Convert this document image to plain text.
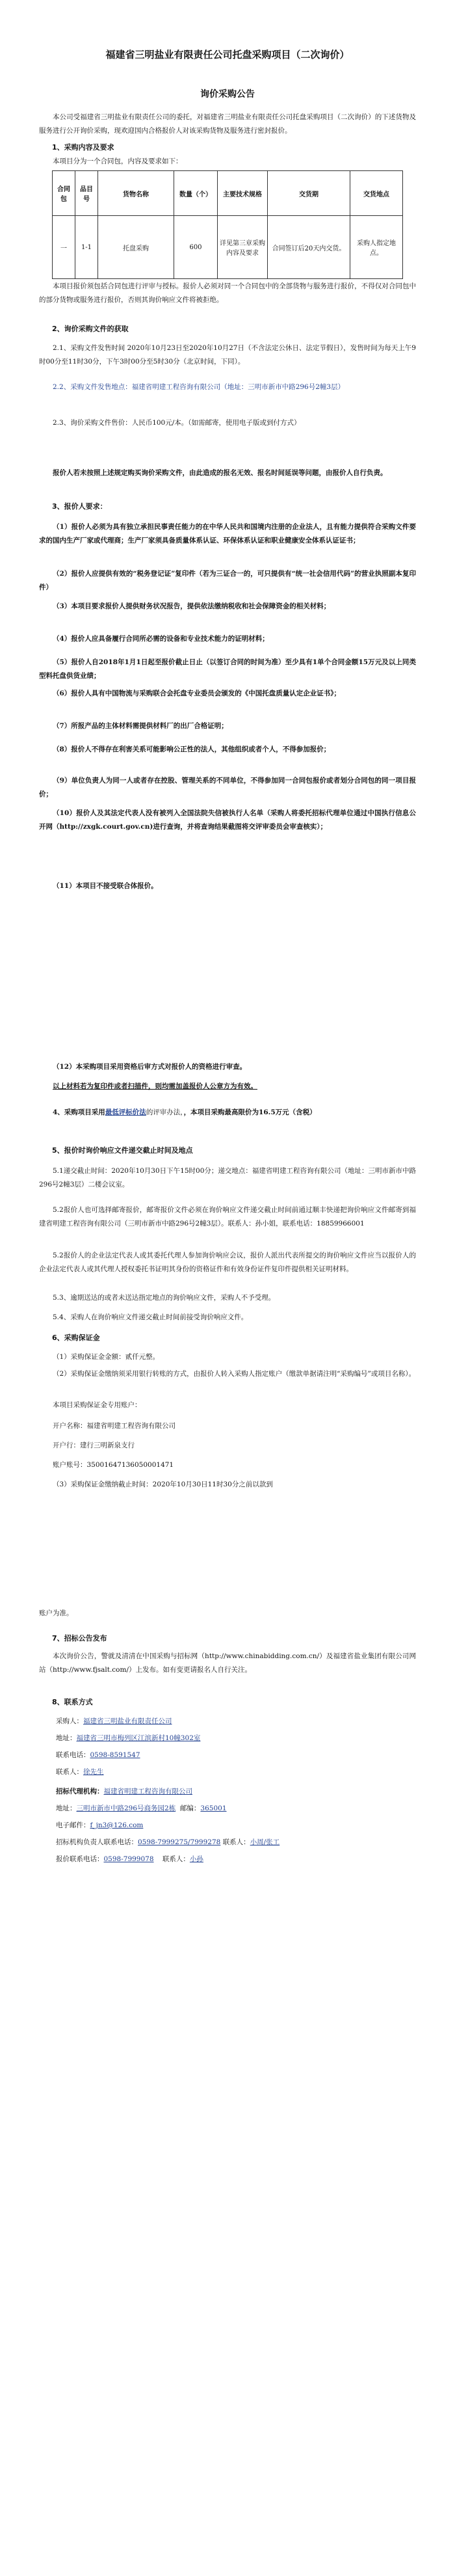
福建省三明盐业有限责任公司托盘采购项目（二次询价）
询价采购公告
本公司受福建省三明盐业有限责任公司的委托，对福建省三明盐业有限责任公司托盘采购项目（二次询价）的下述货物及服务进行公开询价采购，现欢迎国内合格报价人对该采购货物及服务进行密封报价。
1、采购内容及要求
本项目分为一个合同包，内容及要求如下：
合同包	品目号	货物名称	数量（个）	主要技术规格	交货期	交货地点
一	1-1	托盘采购	600	详见第三章采购内容及要求	合同签订后20天内交货。	采购人指定地点。
本项目报价须包括合同包进行评审与授标。报价人必须对同一个合同包中的全部货物与服务进行报价，不得仅对合同包中的部分货物或服务进行报价，否则其询价响应文件将被拒绝。
2、询价采购文件的获取
2.1、采购文件发售时间 2020年10月23日至2020年10月27日（不含法定公休日、法定节假日），发售时间为每天上午9时00分至11时30分，下午3时00分至5时30分（北京时间，下同）。
2.2、采购文件发售地点：福建省明建工程咨询有限公司（地址：三明市新市中路296号2幢3层）
2.3、询价采购文件售价：人民币100元/本。（如需邮寄，使用电子版或到付方式）
报价人若未按照上述规定购买询价采购文件，由此造成的报名无效、报名时间延误等问题，由报价人自行负责。
3、报价人要求：
（1）报价人必须为具有独立承担民事责任能力的在中华人民共和国境内注册的企业法人，且有能力提供符合采购文件要求的国内生产厂家或代理商；生产厂家须具备质量体系认证、环保体系认证和职业健康安全体系认证证书；
（2）报价人应提供有效的“税务登记证”复印件（若为三证合一的，可只提供有“统一社会信用代码”的营业执照副本复印件）
（3）本项目要求报价人提供财务状况报告，提供依法缴纳税收和社会保障资金的相关材料；
（4）报价人应具备履行合同所必需的设备和专业技术能力的证明材料；
（5）报价人自2018年1月1日起至报价截止日止（以签订合同的时间为准）至少具有1单个合同金额15万元及以上同类型料托盘供货业绩；
（6）报价人具有中国物流与采购联合会托盘专业委员会颁发的《中国托盘质量认定企业证书》；
（7）所报产品的主体材料需提供材料厂的出厂合格证明；
（8）报价人不得存在利害关系可能影响公正性的法人，其他组织或者个人，不得参加报价；
（9）单位负责人为同一人或者存在控股、管理关系的不同单位，不得参加同一合同包报价或者划分合同包的同一项目报价；
（10）报价人及其法定代表人没有被列入全国法院失信被执行人名单（采购人将委托招标代理单位通过中国执行信息公开网（http://zxgk.court.gov.cn)进行查询，并将查询结果截图将交评审委员会审查核实）；
（11）本项目不接受联合体报价。
（12）本采购项目采用资格后审方式对报价人的资格进行审查。
以上材料若为复印件或者扫描件，则均需加盖报价人公章方为有效。
4、采购项目采用最低评标价法的评审办法，，本项目采购最高限价为16.5万元（含税）
5、报价时询价响应文件递交截止时间及地点
5.1递交截止时间：2020年10月30日下午15时00分；递交地点：福建省明建工程咨询有限公司（地址：三明市新市中路296号2幢3层）二楼会议室。
5.2报价人也可选择邮寄报价，邮寄报价文件必须在询价响应文件递交截止时间前通过顺丰快递把询价响应文件邮寄到福建省明建工程咨询有限公司（三明市新市中路296号2幢3层）。联系人：孙小姐，联系电话：18859966001
5.2报价人的企业法定代表人或其委托代理人参加询价响应会议，报价人派出代表所提交的询价响应文件应当以报价人的企业法定代表人或其代理人授权委托书证明其身份的资格证件和有效身份证件复印件提供相关证明材料。
5.3、逾期送达的或者未送达指定地点的询价响应文件，采购人不予受理。
5.4、采购人在询价响应文件递交截止时间前接受询价响应文件。
6、采购保证金
（1）采购保证金金额：贰仟元整。
（2）采购保证金缴纳须采用银行转账的方式，由报价人转入采购人指定账户（缴款单据请注明“采购编号”或项目名称）。
本项目采购保证金专用账户：
开户名称：福建省明建工程咨询有限公司
开户行：建行三明新泉支行
账户账号：35001647136050001471
（3）采购保证金缴纳截止时间：2020年10月30日11时30分之前以款到
账户为准。
7、招标公告发布
本次询价公告，警就及清清在中国采购与招标网（http://www.chinabidding.com.cn/）及福建省盐业集团有限公司网站（http://www.fjsalt.com/）上发布。如有变更请报名人自行关注。
8、联系方式
采购人：福建省三明盐业有限责任公司
地址：福建省三明市梅列区江滨新村10幢302室
联系电话：0598-8591547
联系人：徐先生
招标代理机构：福建省明建工程咨询有限公司
地址：三明市新市中路296号商务园2栋 邮编：365001
电子邮件：f_jn3@126.com
招标机构负责人联系电话：0598-7999275/7999278 联系人：小周/张工
报价联系电话：0598-7999078 联系人：小孙
